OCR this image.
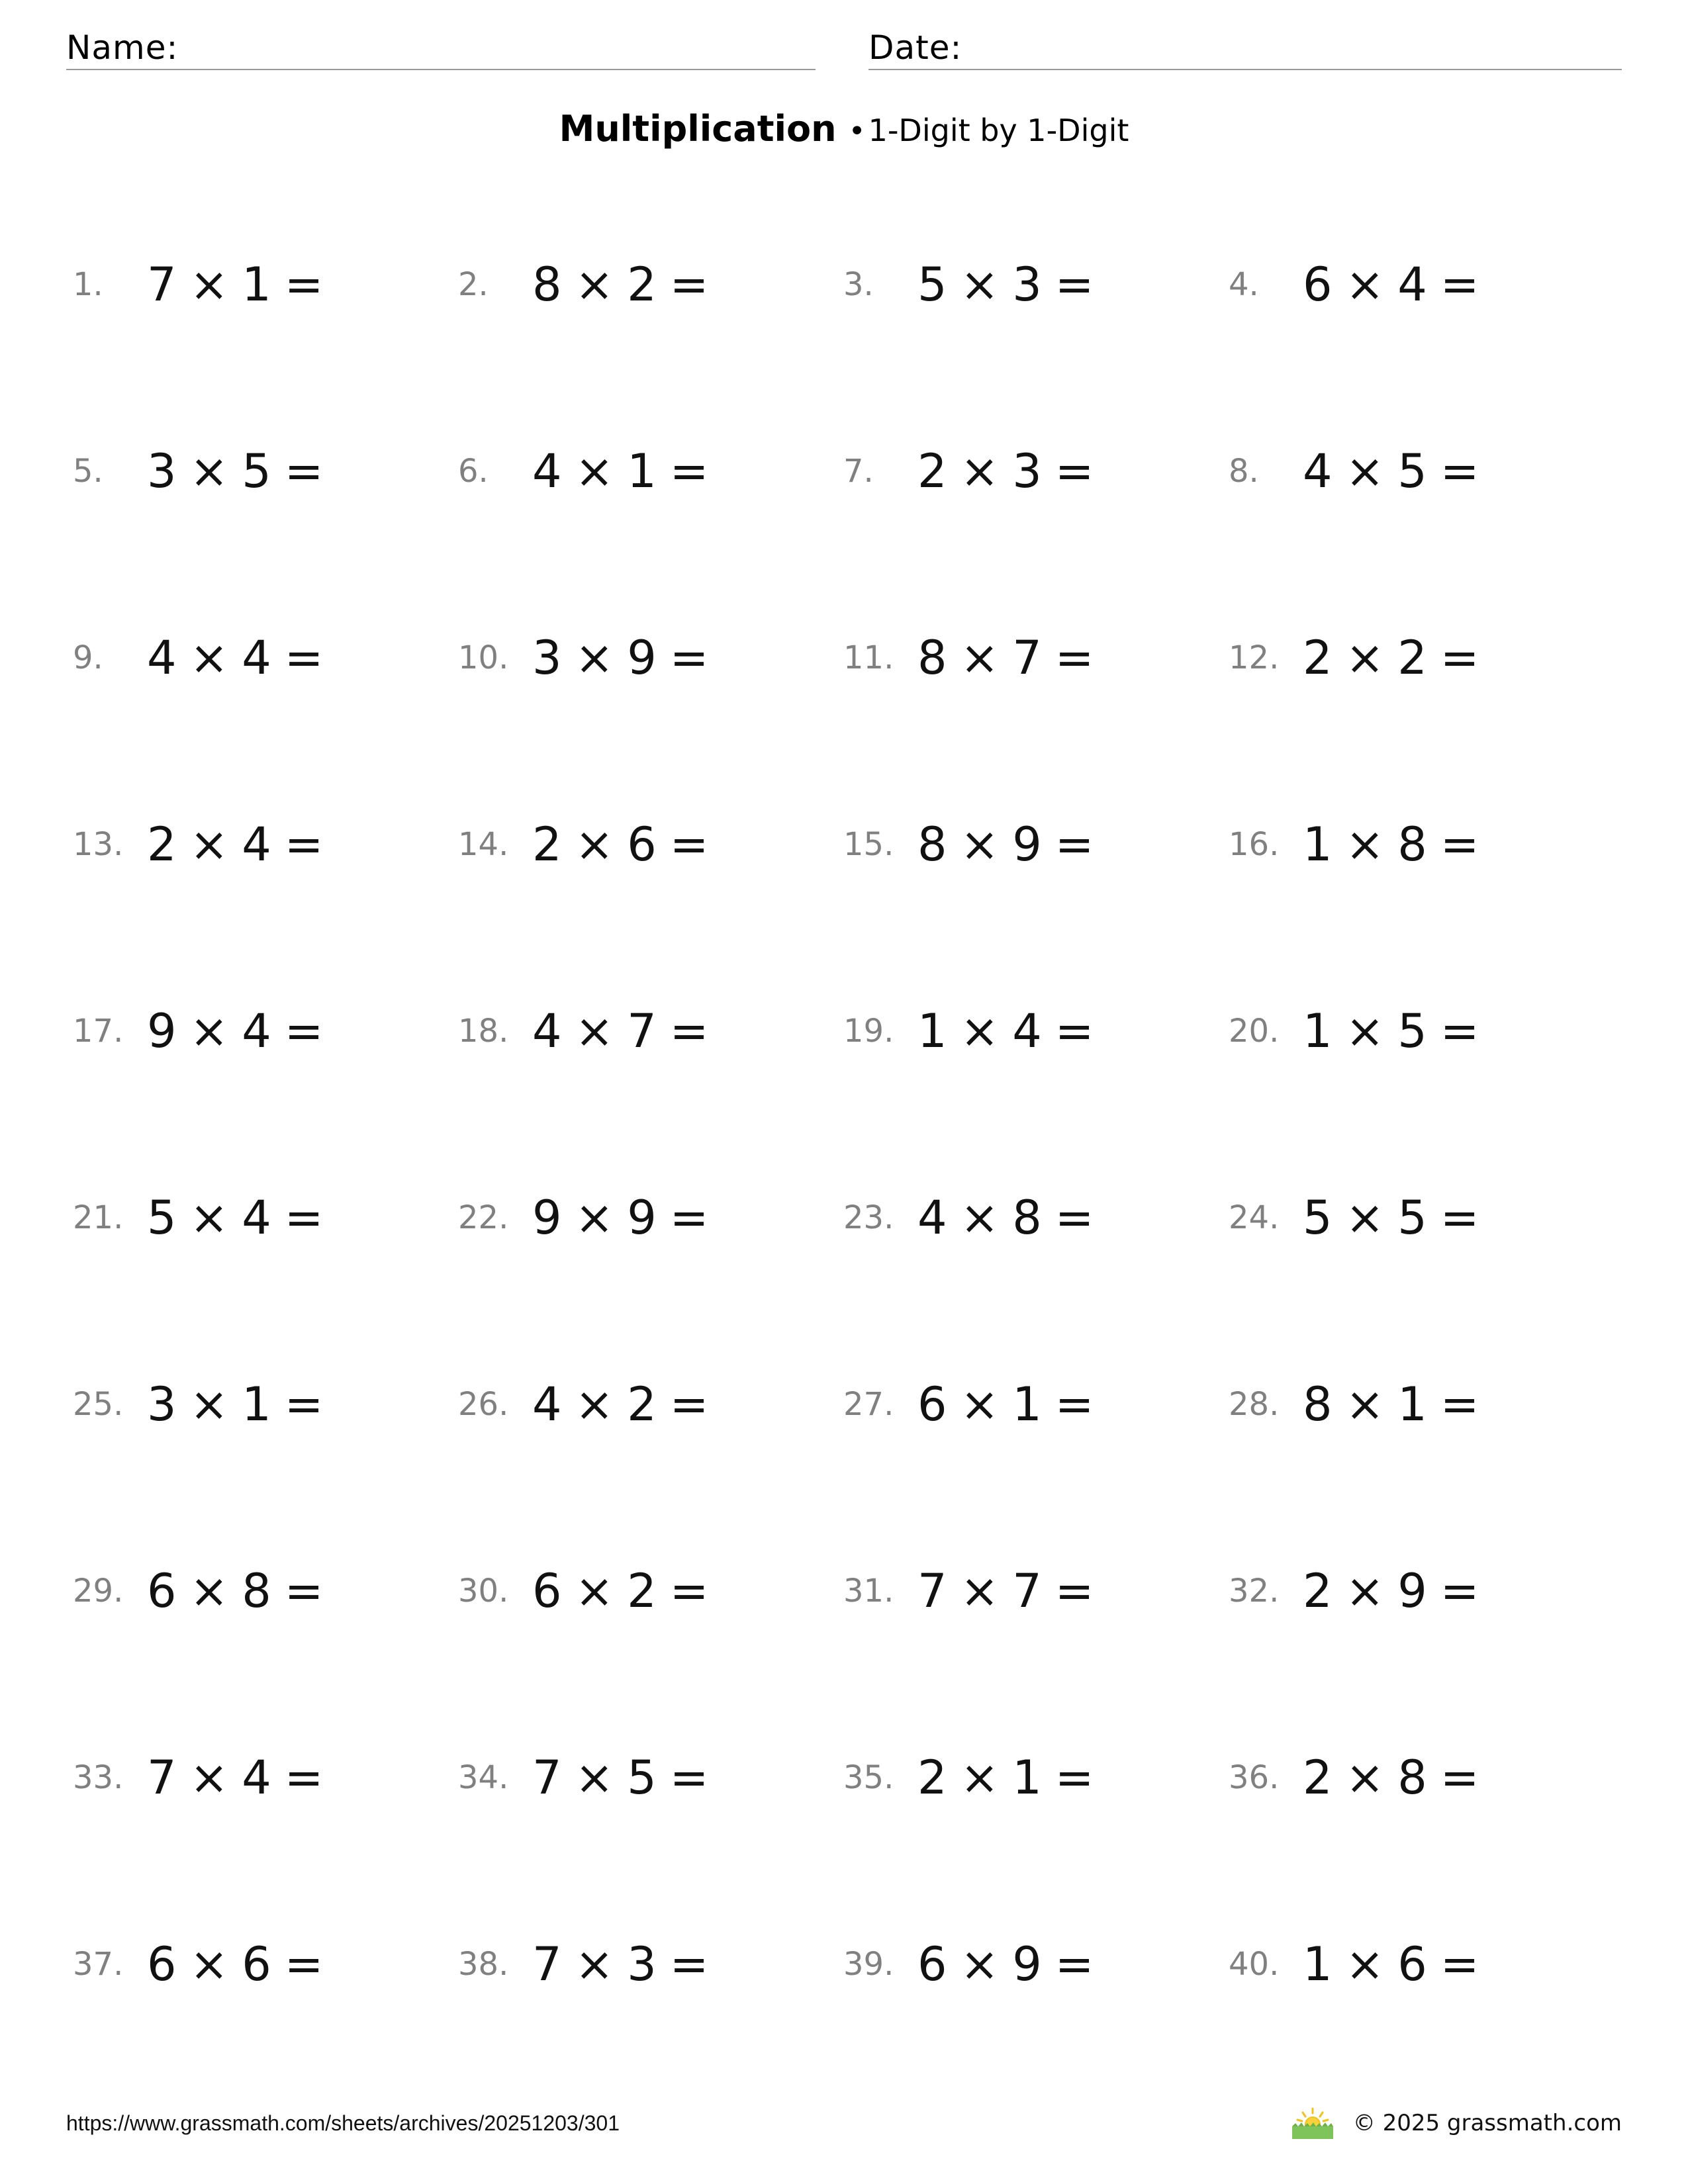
Name:	Date:
Multiplication •1-Digit by 1-Digit
1. 7 × 1 =	2. 8 × 2 =	3. 5 × 3 =	4. 6 × 4 =
5. 3 × 5 =	6. 4 × 1 =	7. 2 × 3 =	8. 4 × 5 =
9. 4 × 4 =	10. 3 × 9 =	11. 8 × 7 =	12. 2 × 2 =
13. 2 × 4 =	14. 2 × 6 =	15. 8 × 9 =	16. 1 × 8 =
17. 9 × 4 =	18. 4 × 7 =	19. 1 × 4 =	20. 1 × 5 =
21. 5 × 4 =	22. 9 × 9 =	23. 4 × 8 =	24. 5 × 5 =
25. 3 × 1 =	26. 4 × 2 =	27. 6 × 1 =	28. 8 × 1 =
29. 6 × 8 =	30. 6 × 2 =	31. 7 × 7 =	32. 2 × 9 =
33. 7 × 4 =	34. 7 × 5 =	35. 2 × 1 =	36. 2 × 8 =
37. 6 × 6 =	38. 7 × 3 =	39. 6 × 9 =	40. 1 × 6 =
https://www.grassmath.com/sheets/archives/20251203/301	© 2025 grassmath.com
